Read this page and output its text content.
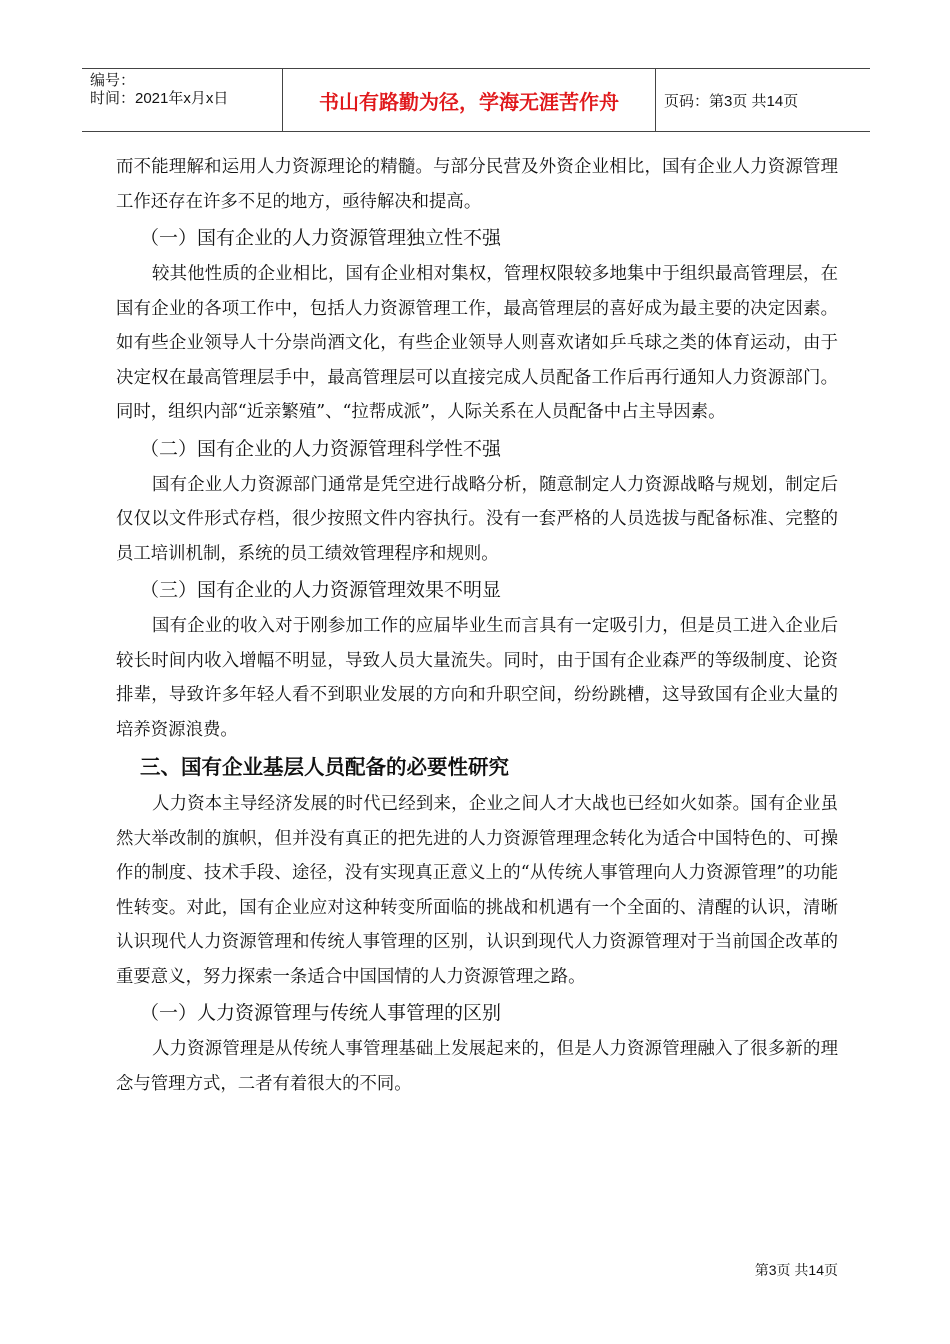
编号：
时间：2021年x月x日	书山有路勤为径，学海无涯苦作舟	页码：第3页 共14页

而不能理解和运用人力资源理论的精髓。与部分民营及外资企业相比，国有企业人力资源管理工作还存在许多不足的地方，亟待解决和提高。

（一）国有企业的人力资源管理独立性不强

较其他性质的企业相比，国有企业相对集权，管理权限较多地集中于组织最高管理层，在国有企业的各项工作中，包括人力资源管理工作，最高管理层的喜好成为最主要的决定因素。如有些企业领导人十分崇尚酒文化，有些企业领导人则喜欢诸如乒乓球之类的体育运动，由于决定权在最高管理层手中，最高管理层可以直接完成人员配备工作后再行通知人力资源部门。同时，组织内部“近亲繁殖”、“拉帮成派”，人际关系在人员配备中占主导因素。

（二）国有企业的人力资源管理科学性不强

国有企业人力资源部门通常是凭空进行战略分析，随意制定人力资源战略与规划，制定后仅仅以文件形式存档，很少按照文件内容执行。没有一套严格的人员选拔与配备标准、完整的员工培训机制，系统的员工绩效管理程序和规则。

（三）国有企业的人力资源管理效果不明显

国有企业的收入对于刚参加工作的应届毕业生而言具有一定吸引力，但是员工进入企业后较长时间内收入增幅不明显，导致人员大量流失。同时，由于国有企业森严的等级制度、论资排辈，导致许多年轻人看不到职业发展的方向和升职空间，纷纷跳槽，这导致国有企业大量的培养资源浪费。

三、国有企业基层人员配备的必要性研究

人力资本主导经济发展的时代已经到来，企业之间人才大战也已经如火如荼。国有企业虽然大举改制的旗帜，但并没有真正的把先进的人力资源管理理念转化为适合中国特色的、可操作的制度、技术手段、途径，没有实现真正意义上的“从传统人事管理向人力资源管理”的功能性转变。对此，国有企业应对这种转变所面临的挑战和机遇有一个全面的、清醒的认识，清晰认识现代人力资源管理和传统人事管理的区别，认识到现代人力资源管理对于当前国企改革的重要意义，努力探索一条适合中国国情的人力资源管理之路。

（一）人力资源管理与传统人事管理的区别

人力资源管理是从传统人事管理基础上发展起来的，但是人力资源管理融入了很多新的理念与管理方式，二者有着很大的不同。

第3页 共14页
